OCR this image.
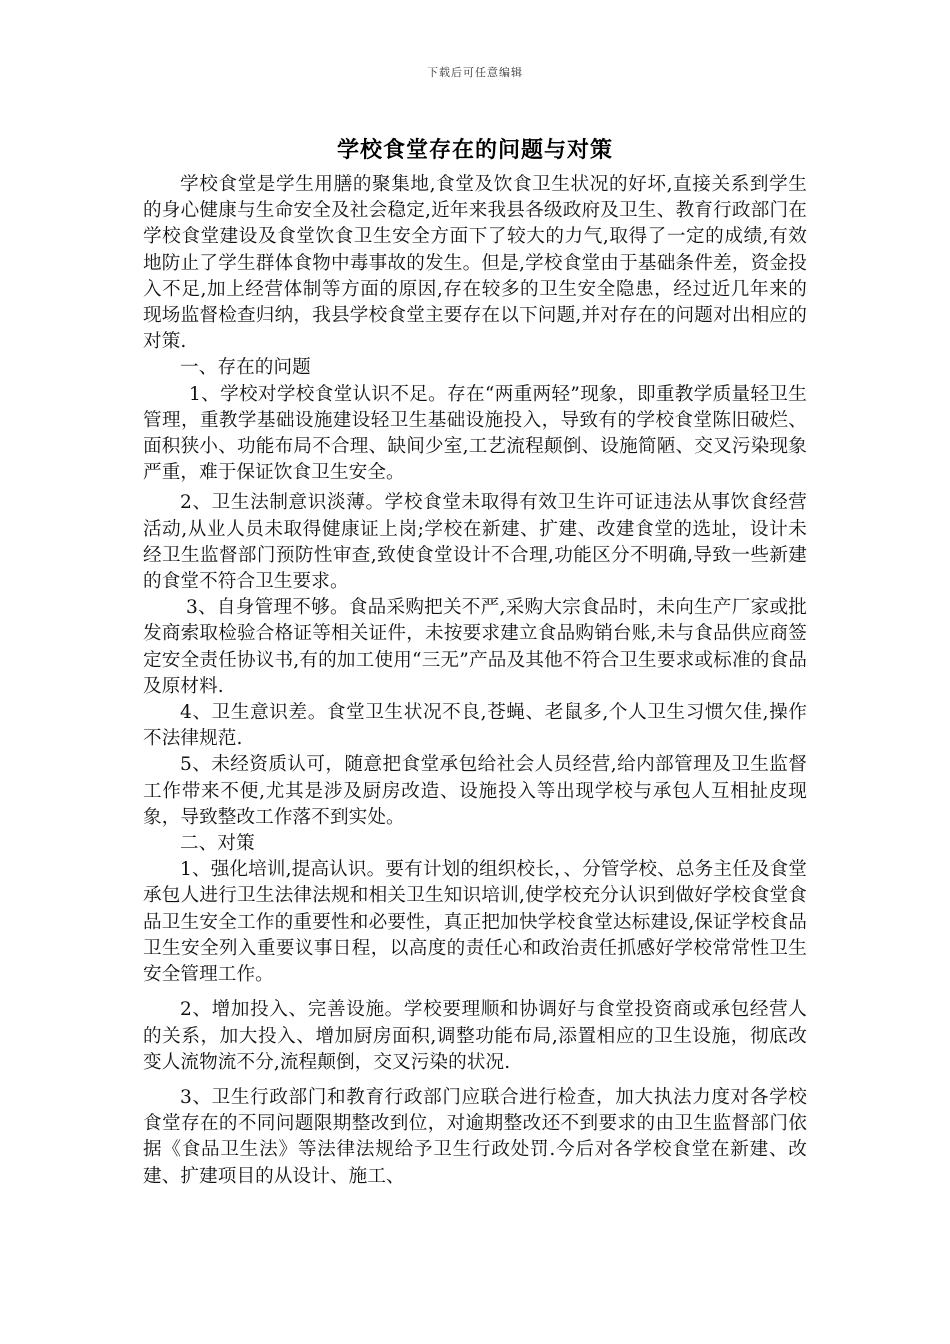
下载后可任意编辑
学校食堂存在的问题与对策

学校食堂是学生用膳的聚集地,食堂及饮食卫生状况的好坏,直接关系到学生的身心健康与生命安全及社会稳定,近年来我县各级政府及卫生、教育行政部门在学校食堂建设及食堂饮食卫生安全方面下了较大的力气,取得了一定的成绩,有效地防止了学生群体食物中毒事故的发生。但是,学校食堂由于基础条件差，资金投入不足,加上经营体制等方面的原因,存在较多的卫生安全隐患，经过近几年来的现场监督检查归纳，我县学校食堂主要存在以下问题,并对存在的问题对出相应的对策.

一、存在的问题

1、学校对学校食堂认识不足。存在“两重两轻”现象，即重教学质量轻卫生管理，重教学基础设施建设轻卫生基础设施投入，导致有的学校食堂陈旧破烂、面积狭小、功能布局不合理、缺间少室,工艺流程颠倒、设施简陋、交叉污染现象严重，难于保证饮食卫生安全。

2、卫生法制意识淡薄。学校食堂未取得有效卫生许可证违法从事饮食经营活动,从业人员未取得健康证上岗;学校在新建、扩建、改建食堂的选址，设计未经卫生监督部门预防性审查,致使食堂设计不合理,功能区分不明确,导致一些新建的食堂不符合卫生要求。

3、自身管理不够。食品采购把关不严,采购大宗食品时，未向生产厂家或批发商索取检验合格证等相关证件，未按要求建立食品购销台账,未与食品供应商签定安全责任协议书,有的加工使用“三无”产品及其他不符合卫生要求或标准的食品及原材料.

4、卫生意识差。食堂卫生状况不良,苍蝇、老鼠多,个人卫生习惯欠佳,操作不法律规范.

5、未经资质认可，随意把食堂承包给社会人员经营,给内部管理及卫生监督工作带来不便,尤其是涉及厨房改造、设施投入等出现学校与承包人互相扯皮现象，导致整改工作落不到实处。

二、对策

1、强化培训,提高认识。要有计划的组织校长，、分管学校、总务主任及食堂承包人进行卫生法律法规和相关卫生知识培训,使学校充分认识到做好学校食堂食品卫生安全工作的重要性和必要性，真正把加快学校食堂达标建设,保证学校食品卫生安全列入重要议事日程，以高度的责任心和政治责任抓感好学校常常性卫生安全管理工作。

2、增加投入、完善设施。学校要理顺和协调好与食堂投资商或承包经营人的关系，加大投入、增加厨房面积,调整功能布局,添置相应的卫生设施，彻底改变人流物流不分,流程颠倒，交叉污染的状况.

3、卫生行政部门和教育行政部门应联合进行检查，加大执法力度对各学校食堂存在的不同问题限期整改到位，对逾期整改还不到要求的由卫生监督部门依据《食品卫生法》等法律法规给予卫生行政处罚.今后对各学校食堂在新建、改建、扩建项目的从设计、施工、
